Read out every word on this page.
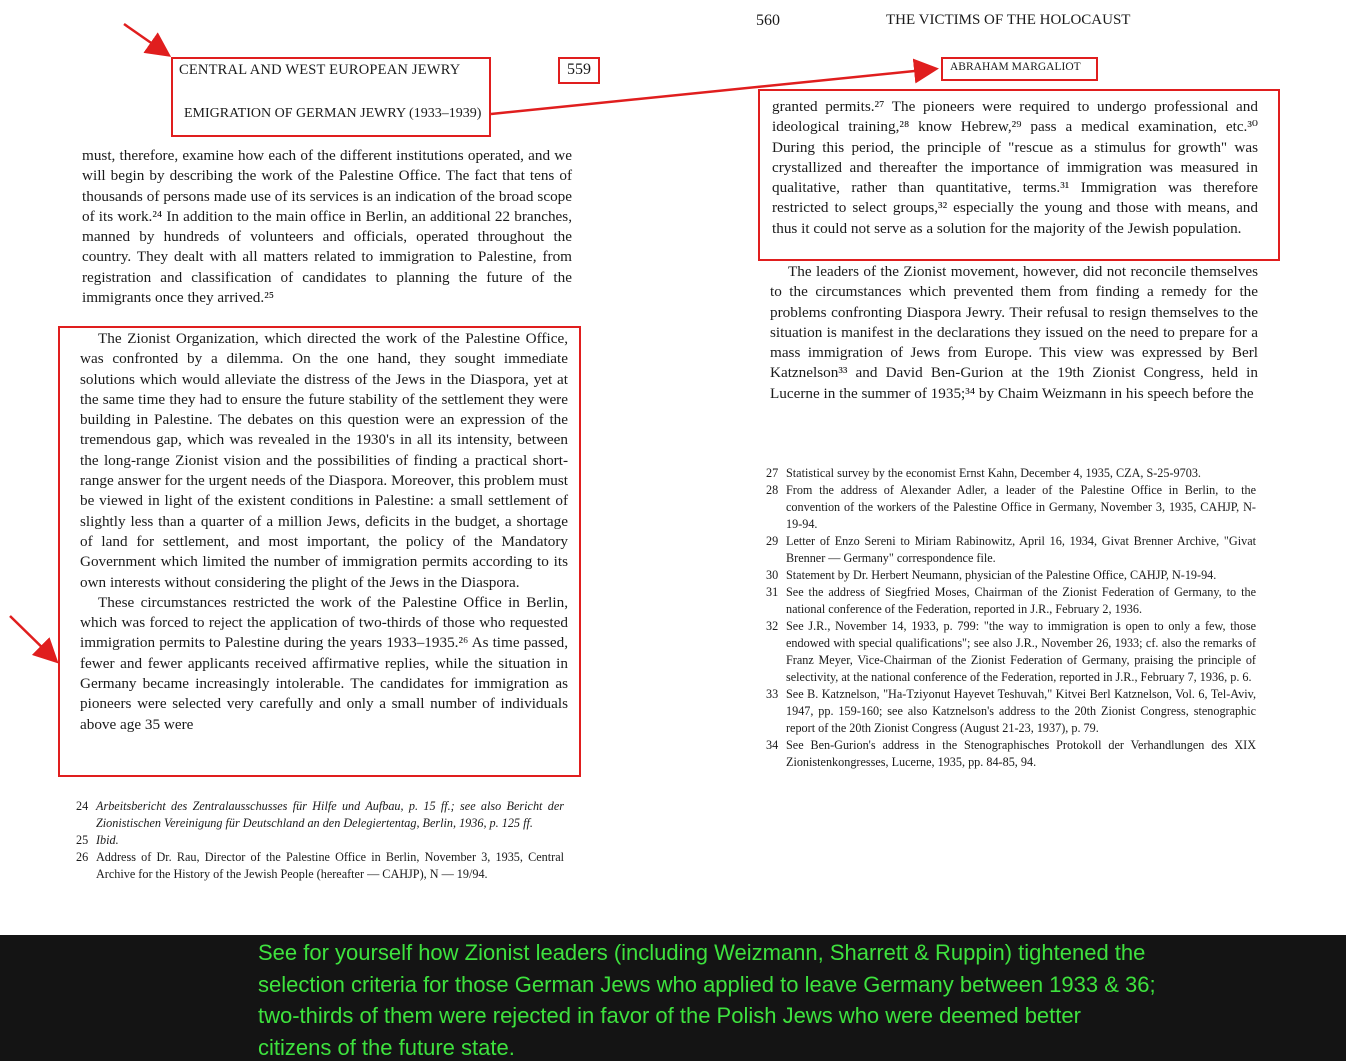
CENTRAL AND WEST EUROPEAN JEWRY	559
EMIGRATION OF GERMAN JEWRY (1933–1939)

must, therefore, examine how each of the different institutions operated, and we will begin by describing the work of the Palestine Office. The fact that tens of thousands of persons made use of its services is an indication of the broad scope of its work.²⁴ In addition to the main office in Berlin, an additional 22 branches, manned by hundreds of volunteers and officials, operated throughout the country. They dealt with all matters related to immigration to Palestine, from registration and classification of candidates to planning the future of the immigrants once they arrived.²⁵

The Zionist Organization, which directed the work of the Palestine Office, was confronted by a dilemma. On the one hand, they sought immediate solutions which would alleviate the distress of the Jews in the Diaspora, yet at the same time they had to ensure the future stability of the settlement they were building in Palestine. The debates on this question were an expression of the tremendous gap, which was revealed in the 1930's in all its intensity, between the long-range Zionist vision and the possibilities of finding a practical short-range answer for the urgent needs of the Diaspora. Moreover, this problem must be viewed in light of the existent conditions in Palestine: a small settlement of slightly less than a quarter of a million Jews, deficits in the budget, a shortage of land for settlement, and most important, the policy of the Mandatory Government which limited the number of immigration permits according to its own interests without considering the plight of the Jews in the Diaspora.

These circumstances restricted the work of the Palestine Office in Berlin, which was forced to reject the application of two-thirds of those who requested immigration permits to Palestine during the years 1933–1935.²⁶ As time passed, fewer and fewer applicants received affirmative replies, while the situation in Germany became increasingly intolerable. The candidates for immigration as pioneers were selected very carefully and only a small number of individuals above age 35 were

24 Arbeitsbericht des Zentralausschusses für Hilfe und Aufbau, p. 15 ff.; see also Bericht der Zionistischen Vereinigung für Deutschland an den Delegiertentag, Berlin, 1936, p. 125 ff.
25 Ibid.
26 Address of Dr. Rau, Director of the Palestine Office in Berlin, November 3, 1935, Central Archive for the History of the Jewish People (hereafter — CAHJP), N — 19/94.
560	THE VICTIMS OF THE HOLOCAUST
ABRAHAM MARGALIOT

granted permits.²⁷ The pioneers were required to undergo professional and ideological training,²⁸ know Hebrew,²⁹ pass a medical examination, etc.³⁰ During this period, the principle of "rescue as a stimulus for growth" was crystallized and thereafter the importance of immigration was measured in qualitative, rather than quantitative, terms.³¹ Immigration was therefore restricted to select groups,³² especially the young and those with means, and thus it could not serve as a solution for the majority of the Jewish population.

The leaders of the Zionist movement, however, did not reconcile themselves to the circumstances which prevented them from finding a remedy for the problems confronting Diaspora Jewry. Their refusal to resign themselves to the situation is manifest in the declarations they issued on the need to prepare for a mass immigration of Jews from Europe. This view was expressed by Berl Katznelson³³ and David Ben-Gurion at the 19th Zionist Congress, held in Lucerne in the summer of 1935;³⁴ by Chaim Weizmann in his speech before the

27 Statistical survey by the economist Ernst Kahn, December 4, 1935, CZA, S-25-9703.
28 From the address of Alexander Adler, a leader of the Palestine Office in Berlin, to the convention of the workers of the Palestine Office in Germany, November 3, 1935, CAHJP, N-19-94.
29 Letter of Enzo Sereni to Miriam Rabinowitz, April 16, 1934, Givat Brenner Archive, "Givat Brenner — Germany" correspondence file.
30 Statement by Dr. Herbert Neumann, physician of the Palestine Office, CAHJP, N-19-94.
31 See the address of Siegfried Moses, Chairman of the Zionist Federation of Germany, to the national conference of the Federation, reported in J.R., February 2, 1936.
32 See J.R., November 14, 1933, p. 799: "the way to immigration is open to only a few, those endowed with special qualifications"; see also J.R., November 26, 1933; cf. also the remarks of Franz Meyer, Vice-Chairman of the Zionist Federation of Germany, praising the principle of selectivity, at the national conference of the Federation, reported in J.R., February 7, 1936, p. 6.
33 See B. Katznelson, "Ha-Tziyonut Hayevet Teshuvah," Kitvei Berl Katznelson, Vol. 6, Tel-Aviv, 1947, pp. 159-160; see also Katznelson's address to the 20th Zionist Congress, stenographic report of the 20th Zionist Congress (August 21-23, 1937), p. 79.
34 See Ben-Gurion's address in the Stenographisches Protokoll der Verhandlungen des XIX Zionistenkongresses, Lucerne, 1935, pp. 84-85, 94.
See for yourself how Zionist leaders (including Weizmann, Sharrett & Ruppin) tightened the selection criteria for those German Jews who applied to leave Germany between 1933 & 36; two-thirds of them were rejected in favor of the Polish Jews who were deemed better citizens of the future state.
